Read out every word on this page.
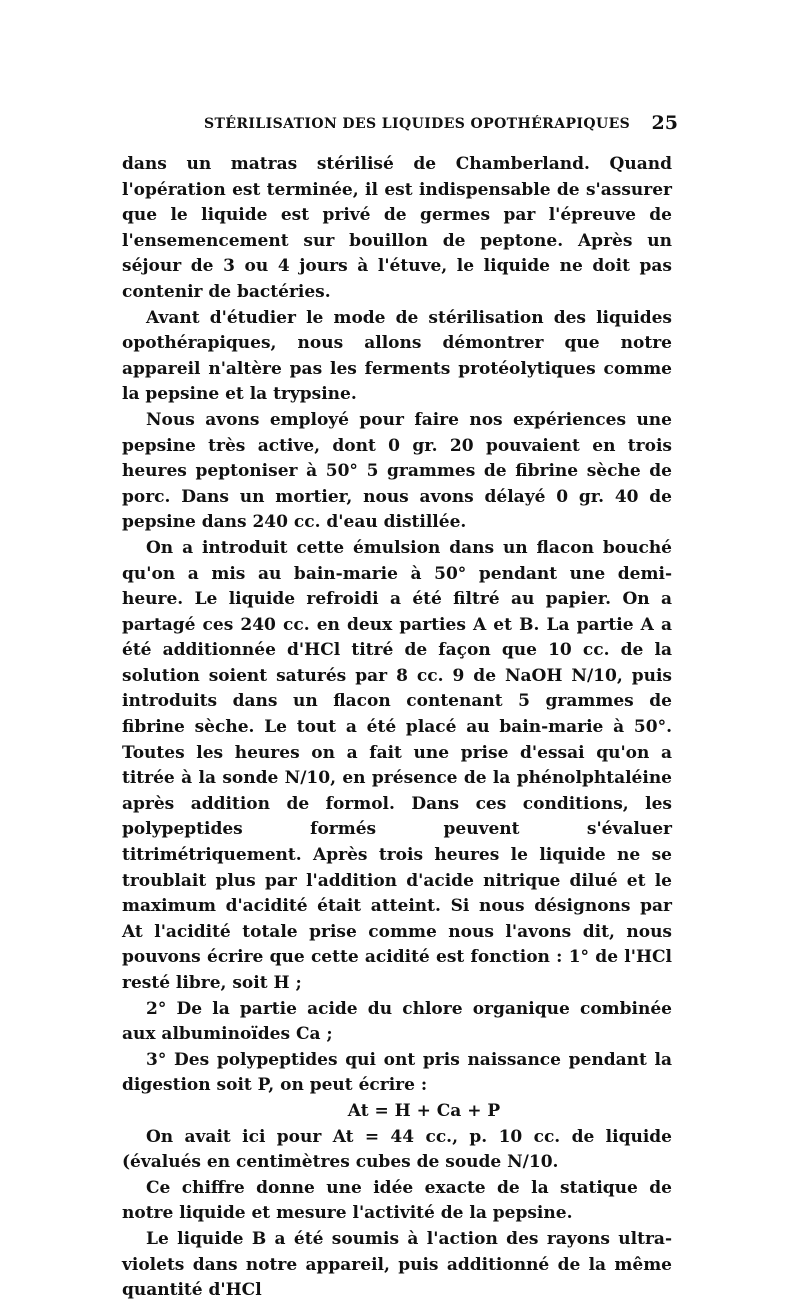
STÉRILISATION DES LIQUIDES OPOTHÉRAPIQUES 25

dans un matras stérilisé de Chamberland. Quand l'opération est terminée, il est indispensable de s'assurer que le liquide est privé de germes par l'épreuve de l'ensemencement sur bouillon de peptone. Après un séjour de 3 ou 4 jours à l'étuve, le liquide ne doit pas contenir de bactéries.

Avant d'étudier le mode de stérilisation des liquides opothérapiques, nous allons démontrer que notre appareil n'altère pas les ferments protéolytiques comme la pepsine et la trypsine.

Nous avons employé pour faire nos expériences une pepsine très active, dont 0 gr. 20 pouvaient en trois heures peptoniser à 50° 5 grammes de fibrine sèche de porc. Dans un mortier, nous avons délayé 0 gr. 40 de pepsine dans 240 cc. d'eau distillée.

On a introduit cette émulsion dans un flacon bouché qu'on a mis au bain-marie à 50° pendant une demi-heure. Le liquide refroidi a été filtré au papier. On a partagé ces 240 cc. en deux parties A et B. La partie A a été additionnée d'HCl titré de façon que 10 cc. de la solution soient saturés par 8 cc. 9 de NaOH N/10, puis introduits dans un flacon contenant 5 grammes de fibrine sèche. Le tout a été placé au bain-marie à 50°. Toutes les heures on a fait une prise d'essai qu'on a titrée à la sonde N/10, en présence de la phénolphtaléine après addition de formol. Dans ces conditions, les polypeptides formés peuvent s'évaluer titrimétriquement. Après trois heures le liquide ne se troublait plus par l'addition d'acide nitrique dilué et le maximum d'acidité était atteint. Si nous désignons par At l'acidité totale prise comme nous l'avons dit, nous pouvons écrire que cette acidité est fonction : 1° de l'HCl resté libre, soit H ;

2° De la partie acide du chlore organique combinée aux albuminoïdes Ca ;

3° Des polypeptides qui ont pris naissance pendant la digestion soit P, on peut écrire :

At = H + Ca + P

On avait ici pour At = 44 cc., p. 10 cc. de liquide (évalués en centimètres cubes de soude N/10.

Ce chiffre donne une idée exacte de la statique de notre liquide et mesure l'activité de la pepsine.

Le liquide B a été soumis à l'action des rayons ultra-violets dans notre appareil, puis additionné de la même quantité d'HCl
